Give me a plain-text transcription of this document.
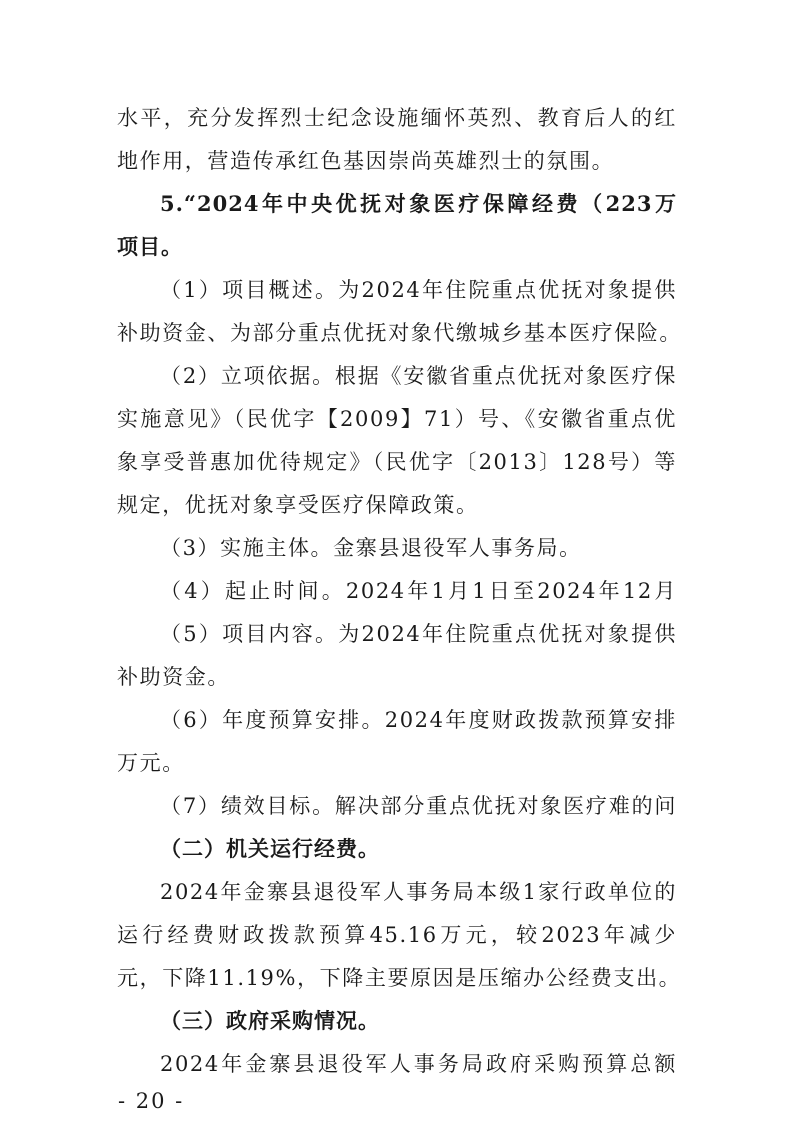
水平，充分发挥烈士纪念设施缅怀英烈、教育后人的红
地作用，营造传承红色基因崇尚英雄烈士的氛围。
5.“2024年中央优抚对象医疗保障经费（223万
项目。
（1）项目概述。为2024年住院重点优抚对象提供
补助资金、为部分重点优抚对象代缴城乡基本医疗保险。
（2）立项依据。根据《安徽省重点优抚对象医疗保
实施意见》（民优字【2009】71）号、《安徽省重点优
象享受普惠加优待规定》（民优字〔2013〕128号）等
规定，优抚对象享受医疗保障政策。
（3）实施主体。金寨县退役军人事务局。
（4）起止时间。2024年1月1日至2024年12月
（5）项目内容。为2024年住院重点优抚对象提供
补助资金。
（6）年度预算安排。2024年度财政拨款预算安排
万元。
（7）绩效目标。解决部分重点优抚对象医疗难的问
（二）机关运行经费。
2024年金寨县退役军人事务局本级1家行政单位的
运行经费财政拨款预算45.16万元，较2023年减少
元，下降11.19%，下降主要原因是压缩办公经费支出。
（三）政府采购情况。
2024年金寨县退役军人事务局政府采购预算总额
- 20 -
